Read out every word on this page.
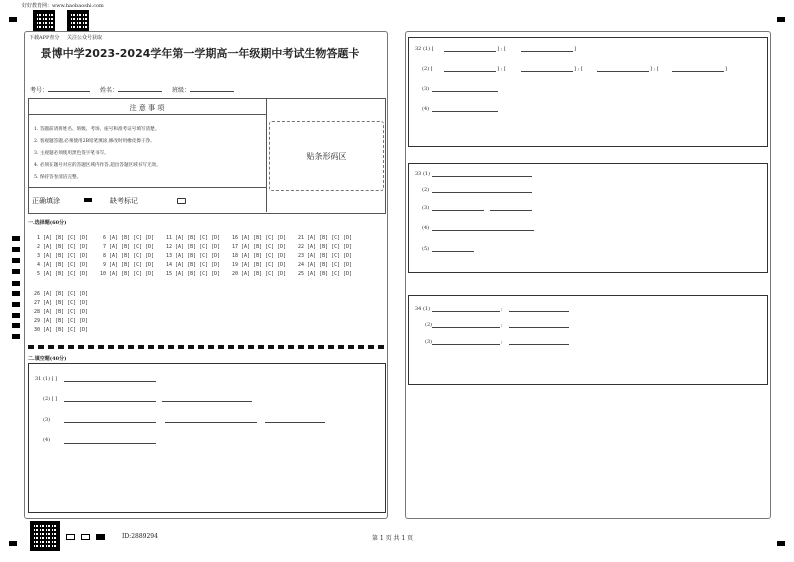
好好教育网：www.haobaoshi.com
下载APP查分 关注公众号获取
景博中学2023-2024学年第一学期高一年级期中考试生物答题卡
考号：	姓名：	班级：
注 意 事 项
1. 答题前请将姓名、班级、考场、座号和准考证号填写清楚。
2. 客观题答题,必须使用2B铅笔填涂,修改时用橡皮擦干净。
3. 主观题必须使用黑色签字笔书写。
4. 必须在题号对应的答题区域内作答,超出答题区域书写无效。
5. 保持答卷清洁完整。
正确填涂	缺考标记
贴条形码区
一.选择题(60分)
1 [A] [B] [C] [D]	6 [A] [B] [C] [D] 11 [A] [B] [C] [D] 16 [A] [B] [C] [D] 21 [A] [B] [C] [D]
2 [A] [B] [C] [D]	7 [A] [B] [C] [D] 12 [A] [B] [C] [D] 17 [A] [B] [C] [D] 22 [A] [B] [C] [D]
3 [A] [B] [C] [D]	8 [A] [B] [C] [D] 13 [A] [B] [C] [D] 18 [A] [B] [C] [D] 23 [A] [B] [C] [D]
4 [A] [B] [C] [D]	9 [A] [B] [C] [D] 14 [A] [B] [C] [D] 19 [A] [B] [C] [D] 24 [A] [B] [C] [D]
5 [A] [B] [C] [D] 10 [A] [B] [C] [D] 15 [A] [B] [C] [D] 20 [A] [B] [C] [D] 25 [A] [B] [C] [D]
26 [A] [B] [C] [D]
27 [A] [B] [C] [D]
28 [A] [B] [C] [D]
29 [A] [B] [C] [D]
30 [A] [B] [C] [D]
二.填空题(40分)
31 (1) [ ]
(2) [ ]
(3)
(4)
32 (1) [	] ; [	]
(2) [	] ; [	] ; [	] ; [	]
(3)
(4)
33 (1)
(2)
(3)
(4)
(5)
34 (1)	;
(2)	;
(3)	;
ID:2889294	第 1 页 共 1 页
